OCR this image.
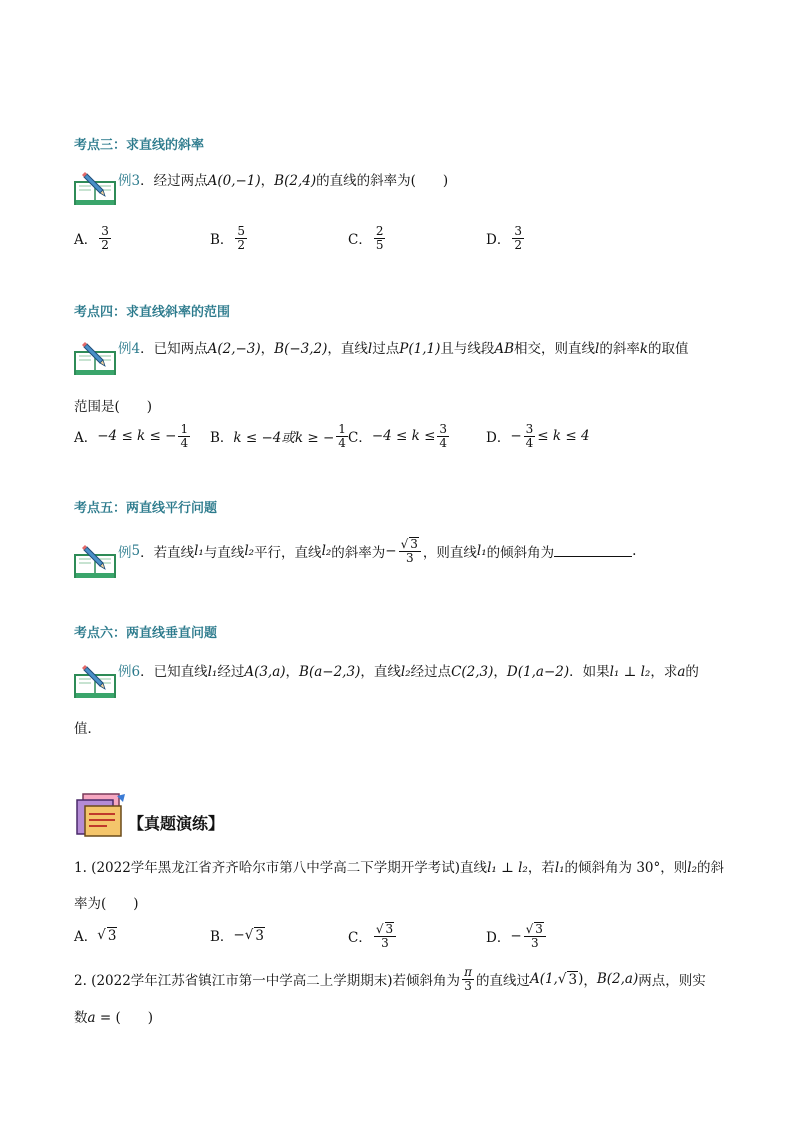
考点三：求直线的斜率
例3．经过两点A(0,−1)，B(2,4)的直线的斜率为(　　)
A． $\frac{3}{2}$	B． $\frac{5}{2}$	C． $\frac{2}{5}$	D． $\frac{3}{2}$
考点四：求直线斜率的范围
例4．已知两点A(2,−3)，B(−3,2)，直线l过点P(1,1)且与线段AB相交，则直线l的斜率k的取值
范围是(　　)
A． −4 ≤ k ≤ − $\frac{1}{4}$ B． k ≤ −4或k ≥ − $\frac{1}{4}$ C． $-4 \le k \le \frac{3}{4}$	D． − $\frac{3}{4} \le k \le 4$
考点五：两直线平行问题
例 5 ．若直线 l₁ 与直线 l₂ 平行，直线 l₂ 的斜率为 − $\frac{√ 3}{3}$ ，则直线 l₁ 的倾斜角为	.
考点六：两直线垂直问题
例6．已知直线l₁经过A(3,a)，B(a−2,3)，直线l₂经过点C(2,3)，D(1,a−2)．如果l₁ ⊥ l₂，求a的
值．
【真题演练】
1. (2022学年黑龙江省齐齐哈尔市第八中学高二下学期开学考试)直线l₁ ⊥ l₂，若l₁的倾斜角为 30°，则l₂的斜
率为(　　)
A． √ 3	B． − √ 3	C． $\frac{√ 3}{3}$	D． − $\frac{√ 3}{3}$
2. (2022学年江苏省镇江市第一中学高二上学期期末)若倾斜角为 $\frac{\pi}{3}$ 的直线过 A(1, √ 3 ) ， B(2,a) 两点，则实
数a = (　　)
